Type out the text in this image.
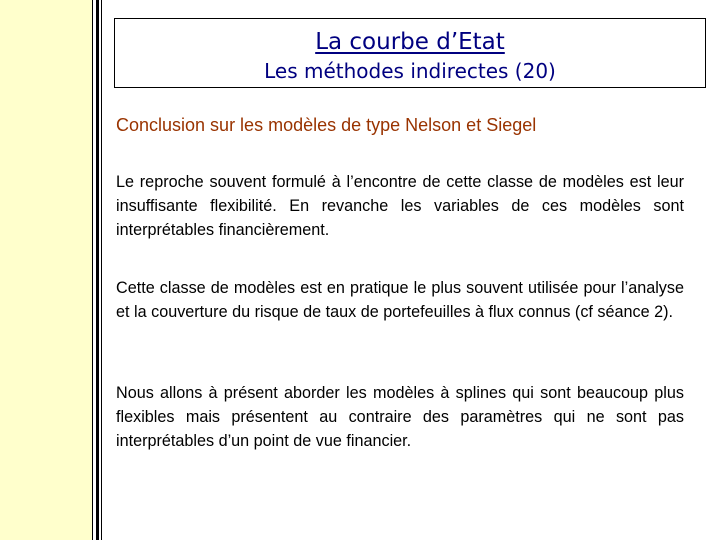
La courbe d’Etat
Les méthodes indirectes (20)
Conclusion sur les modèles de type Nelson et Siegel

Le reproche souvent formulé à l’encontre de cette classe de modèles est leur insuffisante flexibilité. En revanche les variables de ces modèles sont interprétables financièrement.

Cette classe de modèles est en pratique le plus souvent utilisée pour l’analyse et la couverture du risque de taux de portefeuilles à flux connus (cf séance 2).

Nous allons à présent aborder les modèles à splines qui sont beaucoup plus flexibles mais présentent au contraire des paramètres qui ne sont pas interprétables d’un point de vue financier.
